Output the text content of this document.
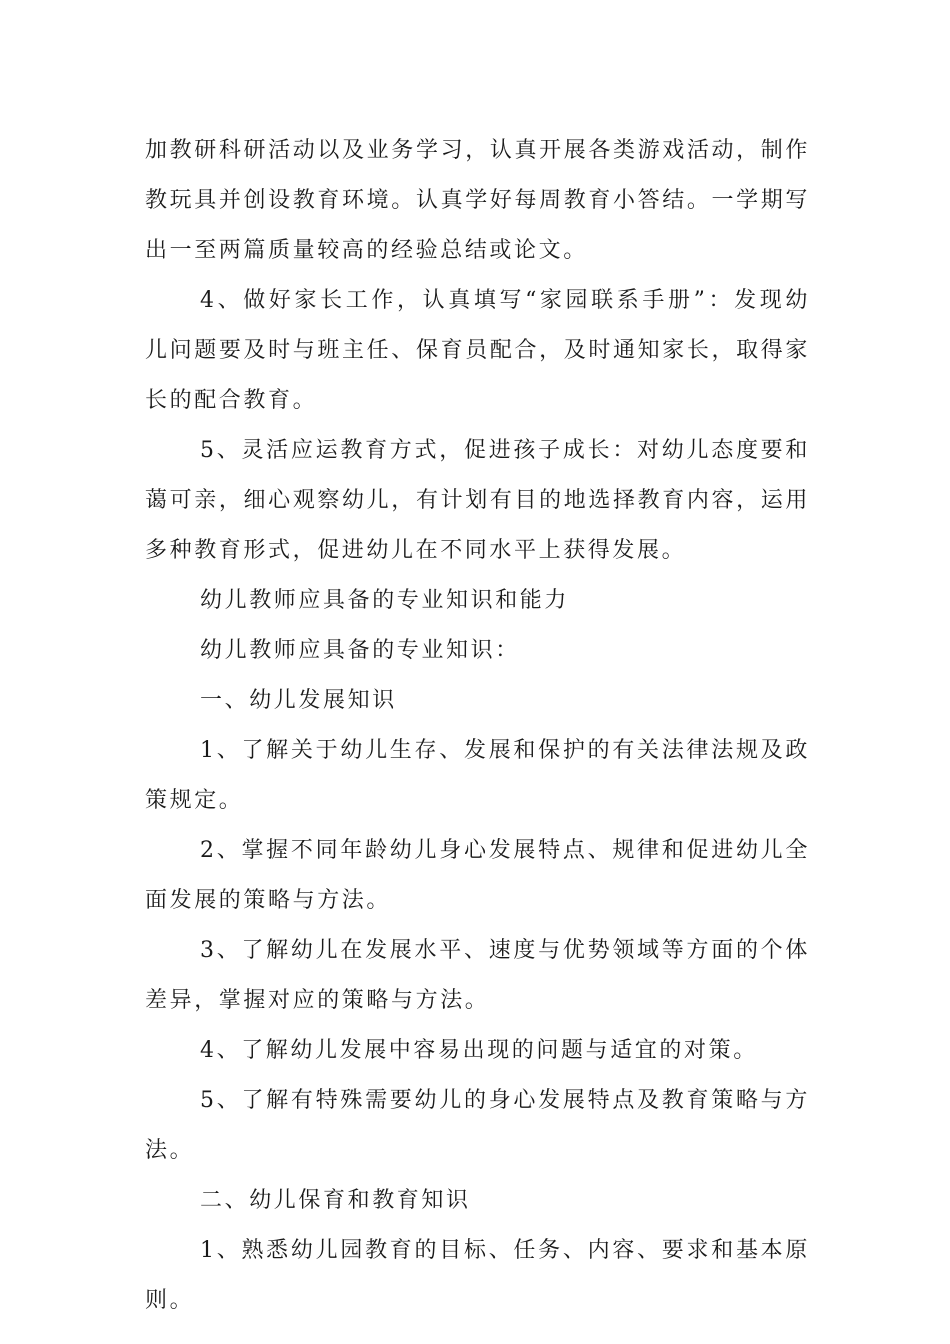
加教研科研活动以及业务学习，认真开展各类游戏活动，制作教玩具并创设教育环境。认真学好每周教育小答结。一学期写出一至两篇质量较高的经验总结或论文。

4、做好家长工作，认真填写“家园联系手册”：发现幼儿问题要及时与班主任、保育员配合，及时通知家长，取得家长的配合教育。

5、灵活应运教育方式，促进孩子成长：对幼儿态度要和蔼可亲，细心观察幼儿，有计划有目的地选择教育内容，运用多种教育形式，促进幼儿在不同水平上获得发展。

幼儿教师应具备的专业知识和能力

幼儿教师应具备的专业知识：

一、幼儿发展知识

1、了解关于幼儿生存、发展和保护的有关法律法规及政策规定。

2、掌握不同年龄幼儿身心发展特点、规律和促进幼儿全面发展的策略与方法。

3、了解幼儿在发展水平、速度与优势领域等方面的个体差异，掌握对应的策略与方法。

4、了解幼儿发展中容易出现的问题与适宜的对策。

5、了解有特殊需要幼儿的身心发展特点及教育策略与方法。

二、幼儿保育和教育知识

1、熟悉幼儿园教育的目标、任务、内容、要求和基本原则。
